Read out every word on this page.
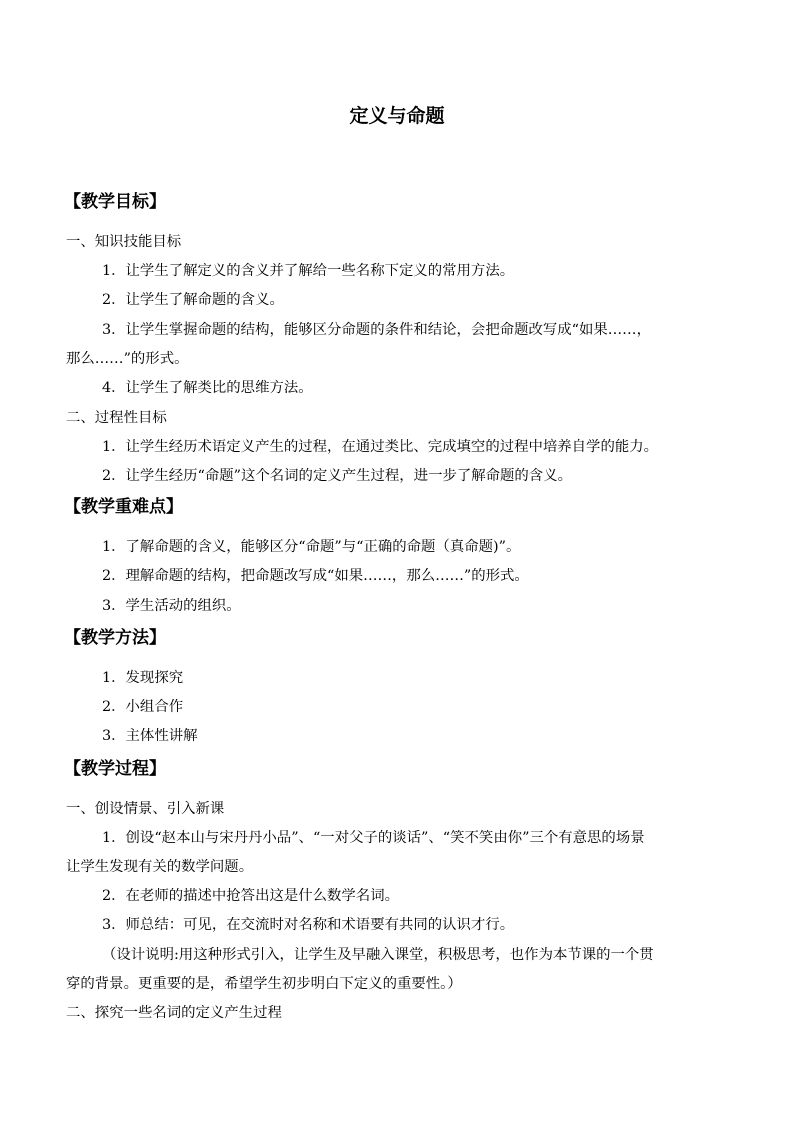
定义与命题
【教学目标】
一、知识技能目标
1．让学生了解定义的含义并了解给一些名称下定义的常用方法。
2．让学生了解命题的含义。
3．让学生掌握命题的结构，能够区分命题的条件和结论，会把命题改写成“如果……，
那么……”的形式。
4．让学生了解类比的思维方法。
二、过程性目标
1．让学生经历术语定义产生的过程，在通过类比、完成填空的过程中培养自学的能力。
2．让学生经历“命题”这个名词的定义产生过程，进一步了解命题的含义。
【教学重难点】
1．了解命题的含义，能够区分“命题”与“正确的命题（真命题)”。
2．理解命题的结构，把命题改写成“如果……，那么……”的形式。
3．学生活动的组织。
【教学方法】
1．发现探究
2．小组合作
3．主体性讲解
【教学过程】
一、创设情景、引入新课
1．创设“赵本山与宋丹丹小品”、“一对父子的谈话”、“笑不笑由你”三个有意思的场景
让学生发现有关的数学问题。
2．在老师的描述中抢答出这是什么数学名词。
3．师总结：可见，在交流时对名称和术语要有共同的认识才行。
（设计说明:用这种形式引入，让学生及早融入课堂，积极思考，也作为本节课的一个贯
穿的背景。更重要的是，希望学生初步明白下定义的重要性。）
二、探究一些名词的定义产生过程
